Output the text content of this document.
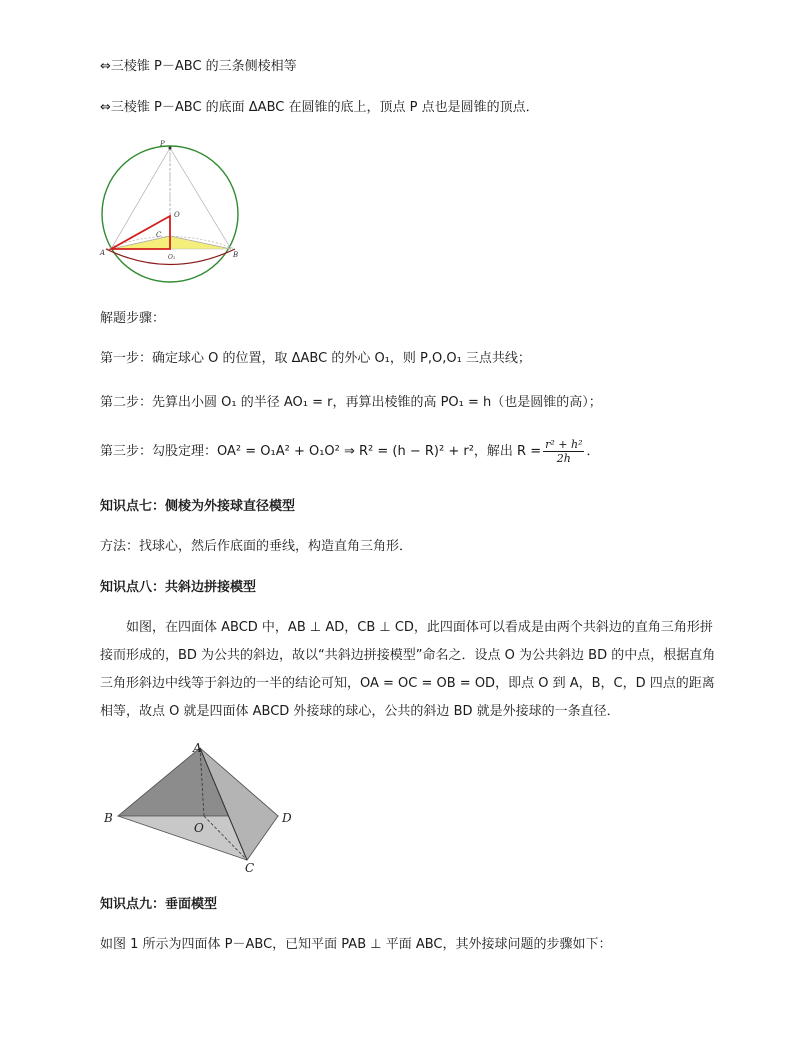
⇔三棱锥 P－ABC 的三条侧棱相等
⇔三棱锥 P－ABC 的底面 ΔABC 在圆锥的底上，顶点 P 点也是圆锥的顶点．
P
O
C
A
O₁	B
解题步骤：
第一步：确定球心 O 的位置，取 ΔABC 的外心 O₁，则 P,O,O₁ 三点共线；
第二步：先算出小圆 O₁ 的半径 AO₁ = r，再算出棱锥的高 PO₁ = h（也是圆锥的高）；
第三步：勾股定理：OA² = O₁A² + O₁O² ⇒ R² = (h − R)² + r²，解出 $R = \frac{\text{r² + h²}}{2h}$ ．
知识点七：侧棱为外接球直径模型
方法：找球心，然后作底面的垂线，构造直角三角形．
知识点八：共斜边拼接模型
如图，在四面体 ABCD 中，AB ⊥ AD，CB ⊥ CD，此四面体可以看成是由两个共斜边的直角三角形拼接而形成的，BD 为公共的斜边，故以“共斜边拼接模型”命名之．设点 O 为公共斜边 BD 的中点，根据直角三角形斜边中线等于斜边的一半的结论可知，OA = OC = OB = OD，即点 O 到 A，B，C，D 四点的距离相等，故点 O 就是四面体 ABCD 外接球的球心，公共的斜边 BD 就是外接球的一条直径．
A
B	D
O
C
知识点九：垂面模型
如图 1 所示为四面体 P－ABC，已知平面 PAB ⊥ 平面 ABC，其外接球问题的步骤如下：
